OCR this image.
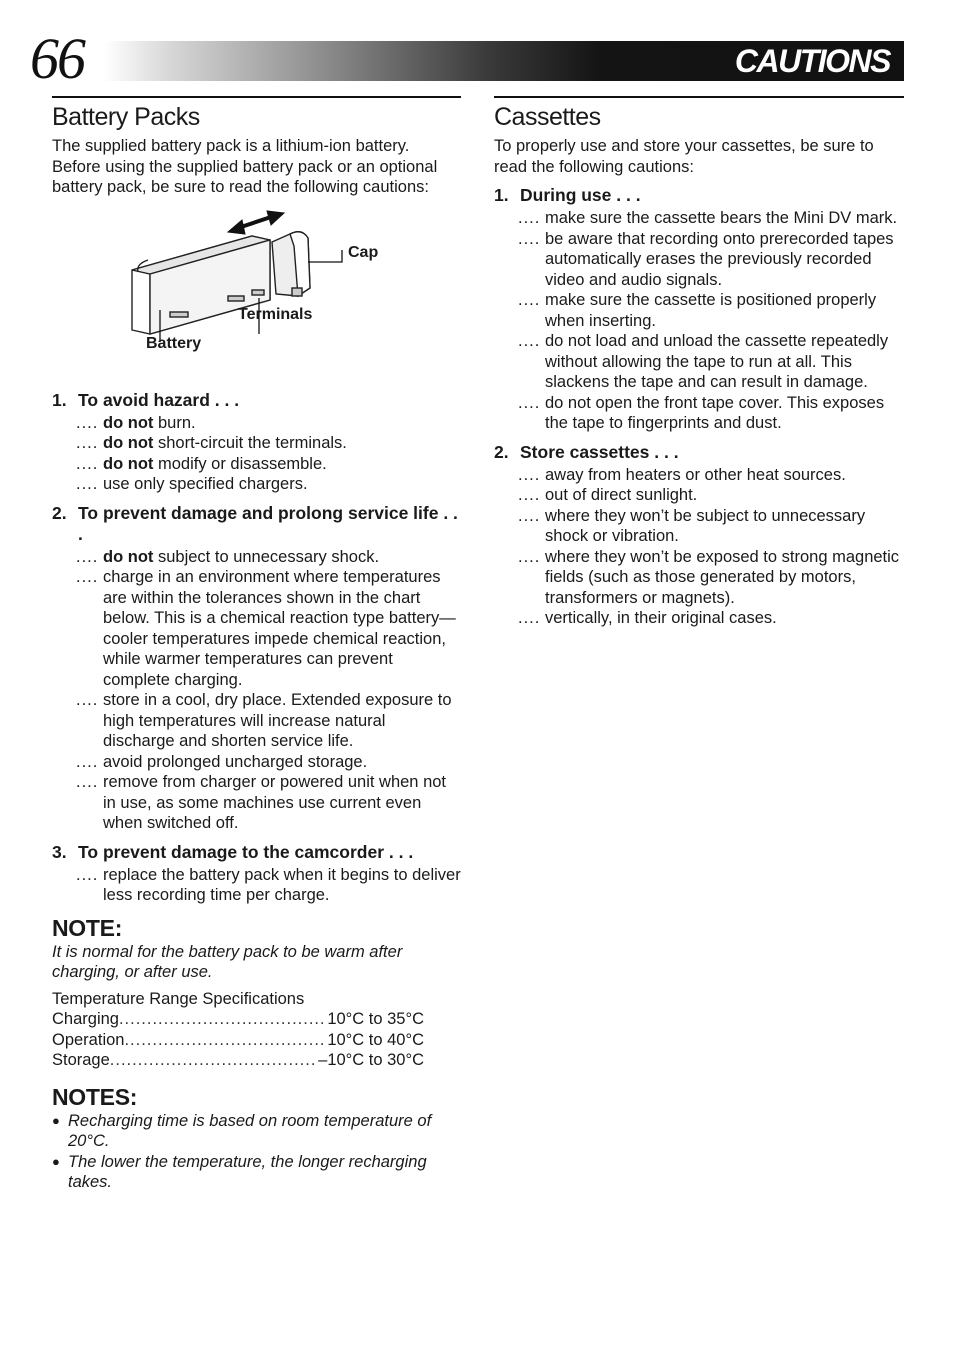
66	CAUTIONS
Battery Packs

The supplied battery pack is a lithium-ion battery. Before using the supplied battery pack or an optional battery pack, be sure to read the following cautions:

Cap
Terminals
Battery
1. To avoid hazard . . .
.... do not burn.
.... do not short-circuit the terminals.
.... do not modify or disassemble.
.... use only specified chargers.
2. To prevent damage and prolong service life . . .
.... do not subject to unnecessary shock.
.... charge in an environment where temperatures are within the tolerances shown in the chart below. This is a chemical reaction type battery—cooler temperatures impede chemical reaction, while warmer temperatures can prevent complete charging.
.... store in a cool, dry place. Extended exposure to high temperatures will increase natural discharge and shorten service life.
.... avoid prolonged uncharged storage.
.... remove from charger or powered unit when not in use, as some machines use current even when switched off.
3. To prevent damage to the camcorder . . .
.... replace the battery pack when it begins to deliver less recording time per charge.
NOTE:
It is normal for the battery pack to be warm after charging, or after use.
Temperature Range Specifications
Charging .....	10°C to 35°C
Operation .....	10°C to 40°C
Storage .....	–10°C to 30°C
NOTES:
● Recharging time is based on room temperature of 20°C.
● The lower the temperature, the longer recharging takes.
Cassettes

To properly use and store your cassettes, be sure to read the following cautions:

1. During use . . .
.... make sure the cassette bears the Mini DV mark.
.... be aware that recording onto prerecorded tapes automatically erases the previously recorded video and audio signals.
.... make sure the cassette is positioned properly when inserting.
.... do not load and unload the cassette repeatedly without allowing the tape to run at all. This slackens the tape and can result in damage.
.... do not open the front tape cover. This exposes the tape to fingerprints and dust.
2. Store cassettes . . .
.... away from heaters or other heat sources.
.... out of direct sunlight.
.... where they won’t be subject to unnecessary shock or vibration.
.... where they won’t be exposed to strong magnetic fields (such as those generated by motors, transformers or magnets).
.... vertically, in their original cases.
